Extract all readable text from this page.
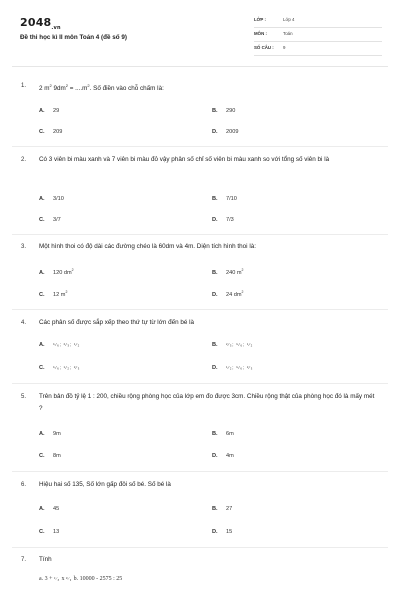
$2048_{.vn}$
Đề thi học kì II môn Toán 4 (đề số 9)
LỚP :	Lớp 4
MÔN :	Toán
SỐ CÂU : 9
1. 2 $m^2$ $9dm^2 = ....m^2$. Số điền vào chỗ chấm là:
A. 29	B. 290
C. 209	D. 2009
2. Có 3 viên bi màu xanh và 7 viên bi màu đỏ vậy phân số chỉ số viên bi màu xanh so với tổng số viên bi là
A. 3/10	B. 7/10
C. 3/7	D. 7/3
3. Một hình thoi có độ dài các đường chéo là 60dm và 4m. Diện tích hình thoi là:
A. 120 $dm^2$	B. 240 $m^2$
C. 12 $m^2$	D. 24 $dm^2$
4. Các phân số được sắp xếp theo thứ tự từ lớn đến bé là
A. ⁵⁄₆; ²⁄₃; ¹⁄₂	B. ²⁄₃; ⁵⁄₆; ¹⁄₂
C. ⁵⁄₆; ¹⁄₂; ²⁄₃	D. ¹⁄₂; ⁵⁄₆; ²⁄₃
5. Trên bản đồ tỷ lệ 1 : 200, chiều rộng phòng học của lớp em đo được 3cm. Chiều rộng thật của phòng học đó là mấy mét ?
A. 9m	B. 6m
C. 8m	D. 4m
6. Hiệu hai số 135, Số lớn gấp đôi số bé. Số bé là
A. 45	B. 27
C. 13	D. 15
7. Tính
a. 3 + ³⁄₈ x ⁸⁄₉ b. 10000 - 2575 : 25
